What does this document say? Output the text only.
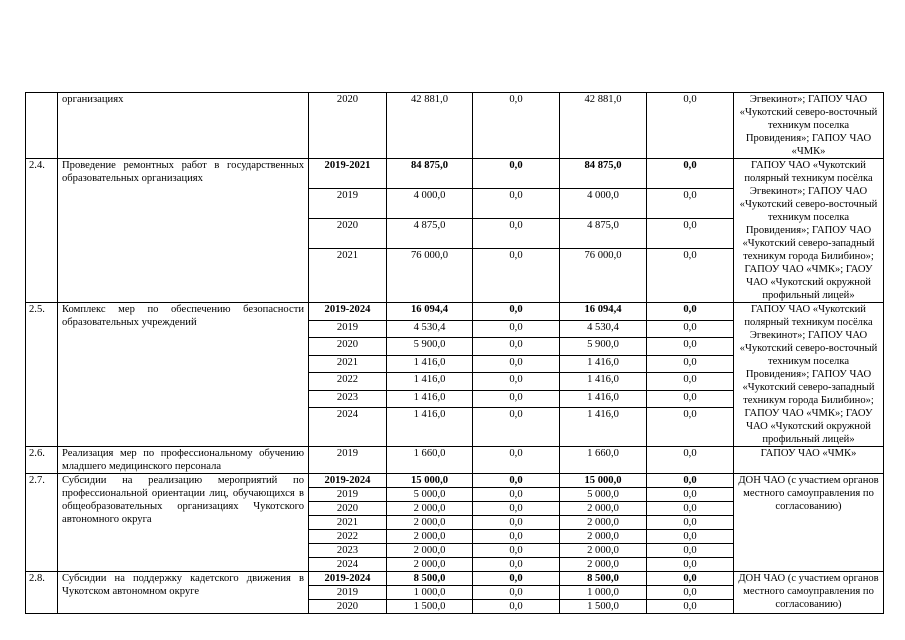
	организациях	2020	42 881,0	0,0	42 881,0	0,0	Эгвекинот»; ГАПОУ ЧАО «Чукотский северо-восточный техникум поселка Провидения»; ГАПОУ ЧАО «ЧМК»
2.4.	Проведение ремонтных работ в государственных образовательных организациях	2019-2021	84 875,0	0,0	84 875,0	0,0	ГАПОУ ЧАО «Чукотский полярный техникум посёлка Эгвекинот»; ГАПОУ ЧАО «Чукотский северо-восточный техникум поселка Провидения»; ГАПОУ ЧАО «Чукотский северо-западный техникум города Билибино»; ГАПОУ ЧАО «ЧМК»; ГАОУ ЧАО «Чукотский окружной профильный лицей»
		2019	4 000,0	0,0	4 000,0	0,0	
		2020	4 875,0	0,0	4 875,0	0,0	
		2021	76 000,0	0,0	76 000,0	0,0	
2.5.	Комплекс мер по обеспечению безопасности образовательных учреждений	2019-2024	16 094,4	0,0	16 094,4	0,0	ГАПОУ ЧАО «Чукотский полярный техникум посёлка Эгвекинот»; ГАПОУ ЧАО «Чукотский северо-восточный техникум поселка Провидения»; ГАПОУ ЧАО «Чукотский северо-западный техникум города Билибино»; ГАПОУ ЧАО «ЧМК»; ГАОУ ЧАО «Чукотский окружной профильный лицей»
		2019	4 530,4	0,0	4 530,4	0,0	
		2020	5 900,0	0,0	5 900,0	0,0	
		2021	1 416,0	0,0	1 416,0	0,0	
		2022	1 416,0	0,0	1 416,0	0,0	
		2023	1 416,0	0,0	1 416,0	0,0	
		2024	1 416,0	0,0	1 416,0	0,0	
2.6.	Реализация мер по профессиональному обучению младшего медицинского персонала	2019	1 660,0	0,0	1 660,0	0,0	ГАПОУ ЧАО «ЧМК»
2.7.	Субсидии на реализацию мероприятий по профессиональной ориентации лиц, обучающихся в общеобразовательных организациях Чукотского автономного округа	2019-2024	15 000,0	0,0	15 000,0	0,0	ДОН ЧАО (с участием органов местного самоуправления по согласованию)
		2019	5 000,0	0,0	5 000,0	0,0	
		2020	2 000,0	0,0	2 000,0	0,0	
		2021	2 000,0	0,0	2 000,0	0,0	
		2022	2 000,0	0,0	2 000,0	0,0	
		2023	2 000,0	0,0	2 000,0	0,0	
		2024	2 000,0	0,0	2 000,0	0,0	
2.8.	Субсидии на поддержку кадетского движения в Чукотском автономном округе	2019-2024	8 500,0	0,0	8 500,0	0,0	ДОН ЧАО (с участием органов местного самоуправления по согласованию)
		2019	1 000,0	0,0	1 000,0	0,0	
		2020	1 500,0	0,0	1 500,0	0,0	
